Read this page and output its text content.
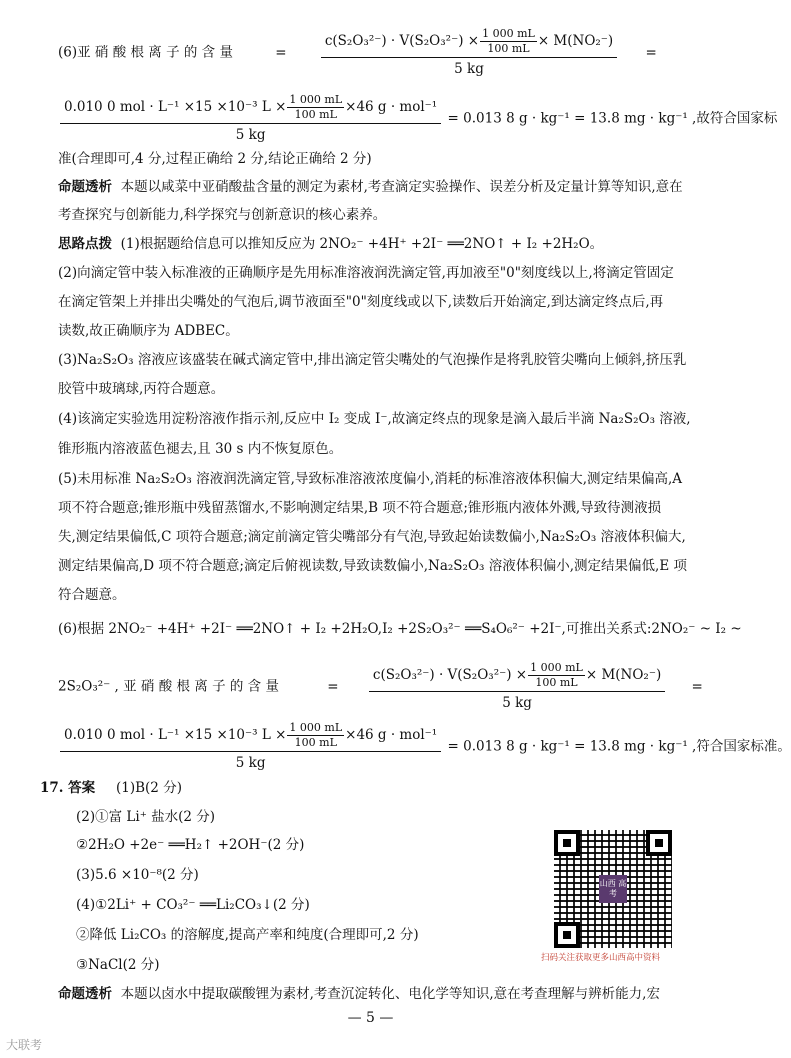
(6)亚 硝 酸 根 离 子 的 含 量	=	$\frac{c(S_2O_3^{2-}) \cdot V(S_2O_3^{2-}) \times \frac{1 000 mL}{100 mL} \times M(NO_2^-)}{5 kg}$ =
$\frac{0.010 0 mol \cdot L^{-1} \times 15 \times 10^{-3} L \times \frac{1 000 mL}{100 mL} \times 46 g \cdot mol^{-1}}{5 kg} = 0.013$ 8 g · kg⁻¹ = 13.8 mg · kg⁻¹ ,故符合国家标
准(合理即可,4 分,过程正确给 2 分,结论正确给 2 分)
命题透析 本题以咸菜中亚硝酸盐含量的测定为素材,考查滴定实验操作、误差分析及定量计算等知识,意在
考查探究与创新能力,科学探究与创新意识的核心素养。
思路点拨 (1)根据题给信息可以推知反应为 2NO₂⁻ +4H⁺ +2I⁻ ══2NO↑ + I₂ +2H₂O。
(2)向滴定管中装入标准液的正确顺序是先用标准溶液润洗滴定管,再加液至"0"刻度线以上,将滴定管固定
在滴定管架上并排出尖嘴处的气泡后,调节液面至"0"刻度线或以下,读数后开始滴定,到达滴定终点后,再
读数,故正确顺序为 ADBEC。
(3)Na₂S₂O₃ 溶液应该盛装在碱式滴定管中,排出滴定管尖嘴处的气泡操作是将乳胶管尖嘴向上倾斜,挤压乳
胶管中玻璃球,丙符合题意。
(4)该滴定实验选用淀粉溶液作指示剂,反应中 I₂ 变成 I⁻,故滴定终点的现象是滴入最后半滴 Na₂S₂O₃ 溶液,
锥形瓶内溶液蓝色褪去,且 30 s 内不恢复原色。
(5)未用标准 Na₂S₂O₃ 溶液润洗滴定管,导致标准溶液浓度偏小,消耗的标准溶液体积偏大,测定结果偏高,A
项不符合题意;锥形瓶中残留蒸馏水,不影响测定结果,B 项不符合题意;锥形瓶内液体外溅,导致待测液损
失,测定结果偏低,C 项符合题意;滴定前滴定管尖嘴部分有气泡,导致起始读数偏小,Na₂S₂O₃ 溶液体积偏大,
测定结果偏高,D 项不符合题意;滴定后俯视读数,导致读数偏小,Na₂S₂O₃ 溶液体积偏小,测定结果偏低,E 项
符合题意。
(6)根据 2NO₂⁻ +4H⁺ +2I⁻ ══2NO↑ + I₂ +2H₂O,I₂ +2S₂O₃²⁻ ══S₄O₆²⁻ +2I⁻,可推出关系式:2NO₂⁻ ~ I₂ ~
2S₂O₃²⁻ , 亚 硝 酸 根 离 子 的 含 量	= $\frac{c(S_2O_3^{2-}) \cdot V(S_2O_3^{2-}) \times \frac{1 000 mL}{100 mL} \times M(NO_2^-)}{5 kg}$ =
$\frac{0.010 0 mol \cdot L^{-1} \times 15 \times 10^{-3} L \times \frac{1 000 mL}{100 mL} \times 46 g \cdot mol^{-1}}{5 kg} = 0.013$ 8 g · kg⁻¹ = 13.8 mg · kg⁻¹ ,符合国家标准。
17. 答案 (1)B(2 分)
(2)①富 Li⁺ 盐水(2 分)
②2H₂O +2e⁻ ══H₂↑ +2OH⁻(2 分)
(3)5.6 ×10⁻⁸(2 分)
(4)①2Li⁺ + CO₃²⁻ ══Li₂CO₃↓(2 分)
②降低 Li₂CO₃ 的溶解度,提高产率和纯度(合理即可,2 分)
③NaCl(2 分)
命题透析 本题以卤水中提取碳酸锂为素材,考查沉淀转化、电化学等知识,意在考查理解与辨析能力,宏
山西 高考
扫码关注获取更多山西高中资料
— 5 —
大联考
